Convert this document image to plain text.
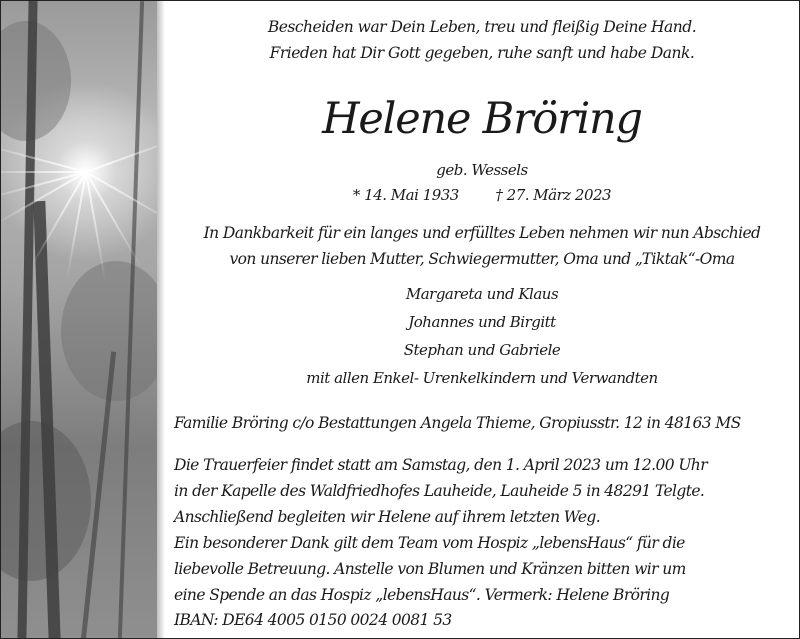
Bescheiden war Dein Leben, treu und fleißig Deine Hand.
Frieden hat Dir Gott gegeben, ruhe sanft und habe Dank.
Helene Bröring
geb. Wessels
* 14. Mai 1933 † 27. März 2023
In Dankbarkeit für ein langes und erfülltes Leben nehmen wir nun Abschied
von unserer lieben Mutter, Schwiegermutter, Oma und „Tiktak“-Oma
Margareta und Klaus
Johannes und Birgitt
Stephan und Gabriele
mit allen Enkel- Urenkelkindern und Verwandten
Familie Bröring c/o Bestattungen Angela Thieme, Gropiusstr. 12 in 48163 MS
Die Trauerfeier findet statt am Samstag, den 1. April 2023 um 12.00 Uhr
in der Kapelle des Waldfriedhofes Lauheide, Lauheide 5 in 48291 Telgte.
Anschließend begleiten wir Helene auf ihrem letzten Weg.
Ein besonderer Dank gilt dem Team vom Hospiz „lebensHaus“ für die
liebevolle Betreuung. Anstelle von Blumen und Kränzen bitten wir um
eine Spende an das Hospiz „lebensHaus“. Vermerk: Helene Bröring
IBAN: DE64 4005 0150 0024 0081 53
